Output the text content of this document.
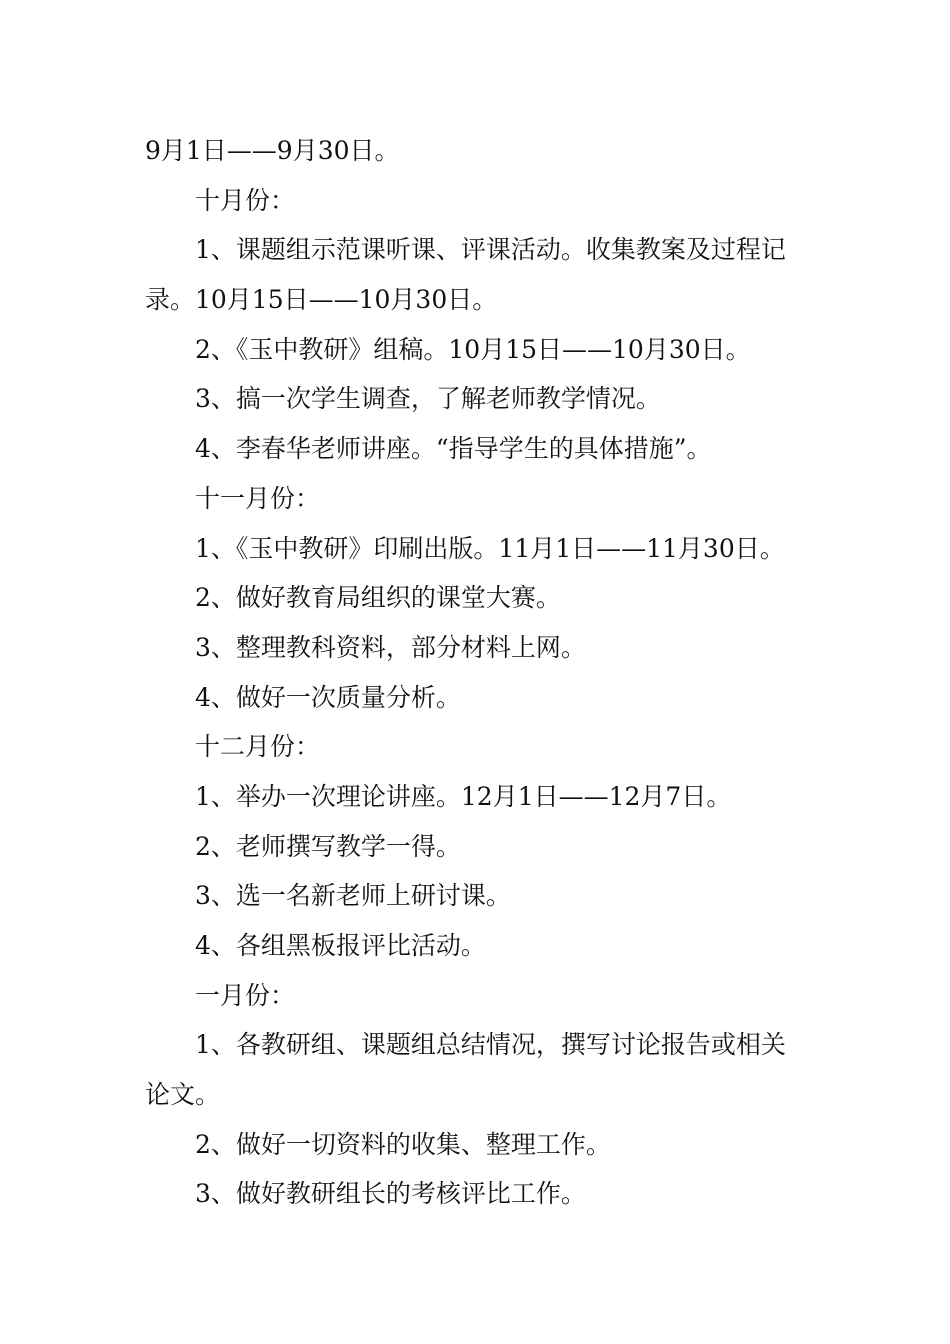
9月1日——9月30日。

十月份：

1、课题组示范课听课、评课活动。收集教案及过程记

录。10月15日——10月30日。

2、《玉中教研》组稿。10月15日——10月30日。

3、搞一次学生调查，了解老师教学情况。

4、李春华老师讲座。“指导学生的具体措施”。

十一月份：

1、《玉中教研》印刷出版。11月1日——11月30日。

2、做好教育局组织的课堂大赛。

3、整理教科资料，部分材料上网。

4、做好一次质量分析。

十二月份：

1、举办一次理论讲座。12月1日——12月7日。

2、老师撰写教学一得。

3、选一名新老师上研讨课。

4、各组黑板报评比活动。

一月份：

1、各教研组、课题组总结情况，撰写讨论报告或相关

论文。

2、做好一切资料的收集、整理工作。

3、做好教研组长的考核评比工作。
